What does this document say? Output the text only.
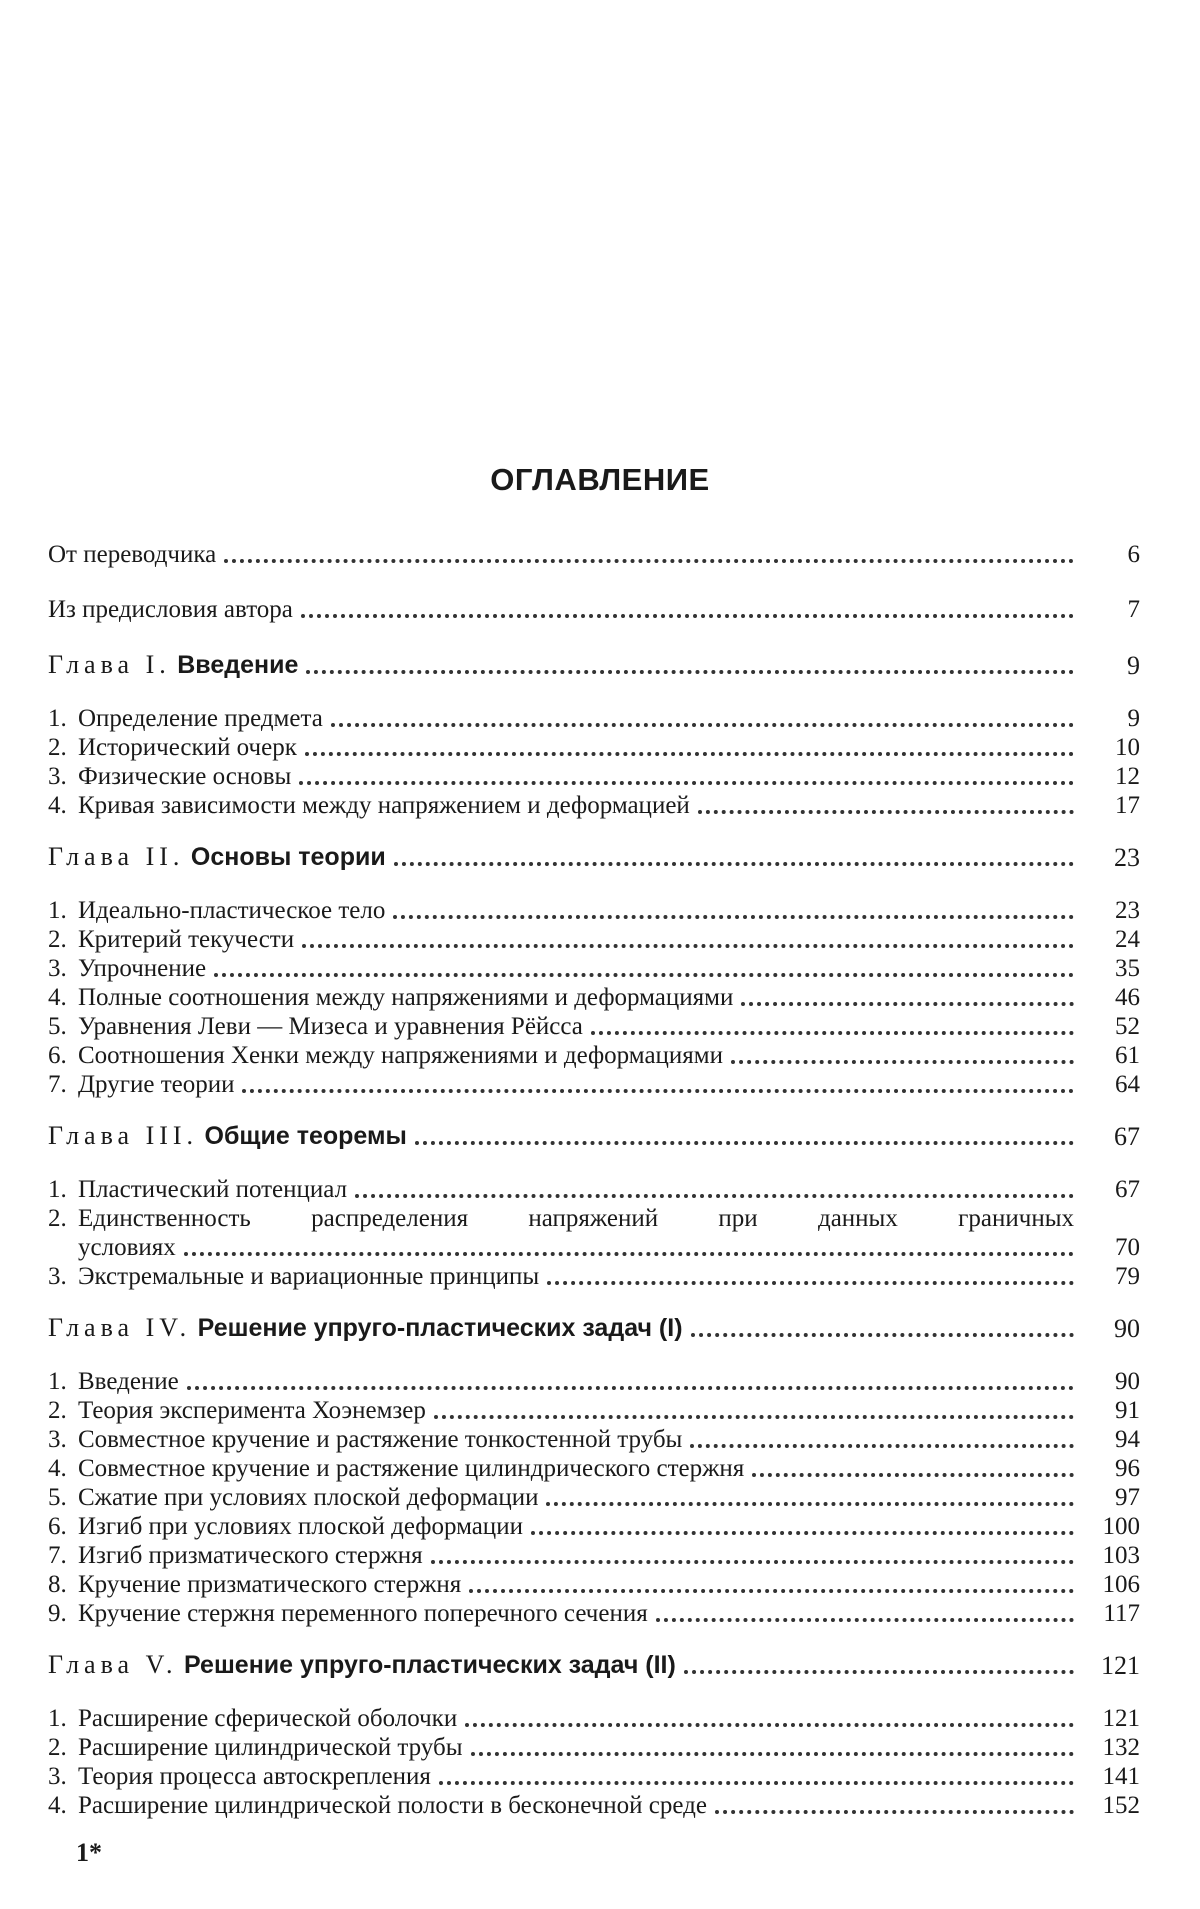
ОГЛАВЛЕНИЕ
От переводчика	6
Из предисловия автора	7
Глава I. Введение	9
1. Определение предмета	9
2. Исторический очерк	10
3. Физические основы	12
4. Кривая зависимости между напряжением и деформацией	17
Глава II. Основы теории	23
1. Идеально-пластическое тело	23
2. Критерий текучести	24
3. Упрочнение	35
4. Полные соотношения между напряжениями и деформациями	46
5. Уравнения Леви — Мизеса и уравнения Рёйсса	52
6. Соотношения Хенки между напряжениями и деформациями	61
7. Другие теории	64
Глава III. Общие теоремы	67
1. Пластический потенциал	67
2. Единственность распределения напряжений при данных граничных
условиях	70
3. Экстремальные и вариационные принципы	79
Глава IV. Решение упруго-пластических задач (I)	90
1. Введение	90
2. Теория эксперимента Хоэнемзер	91
3. Совместное кручение и растяжение тонкостенной трубы	94
4. Совместное кручение и растяжение цилиндрического стержня	96
5. Сжатие при условиях плоской деформации	97
6. Изгиб при условиях плоской деформации	100
7. Изгиб призматического стержня	103
8. Кручение призматического стержня	106
9. Кручение стержня переменного поперечного сечения	117
Глава V. Решение упруго-пластических задач (II)	121
1. Расширение сферической оболочки	121
2. Расширение цилиндрической трубы	132
3. Теория процесса автоскрепления	141
4. Расширение цилиндрической полости в бесконечной среде	152
1*
